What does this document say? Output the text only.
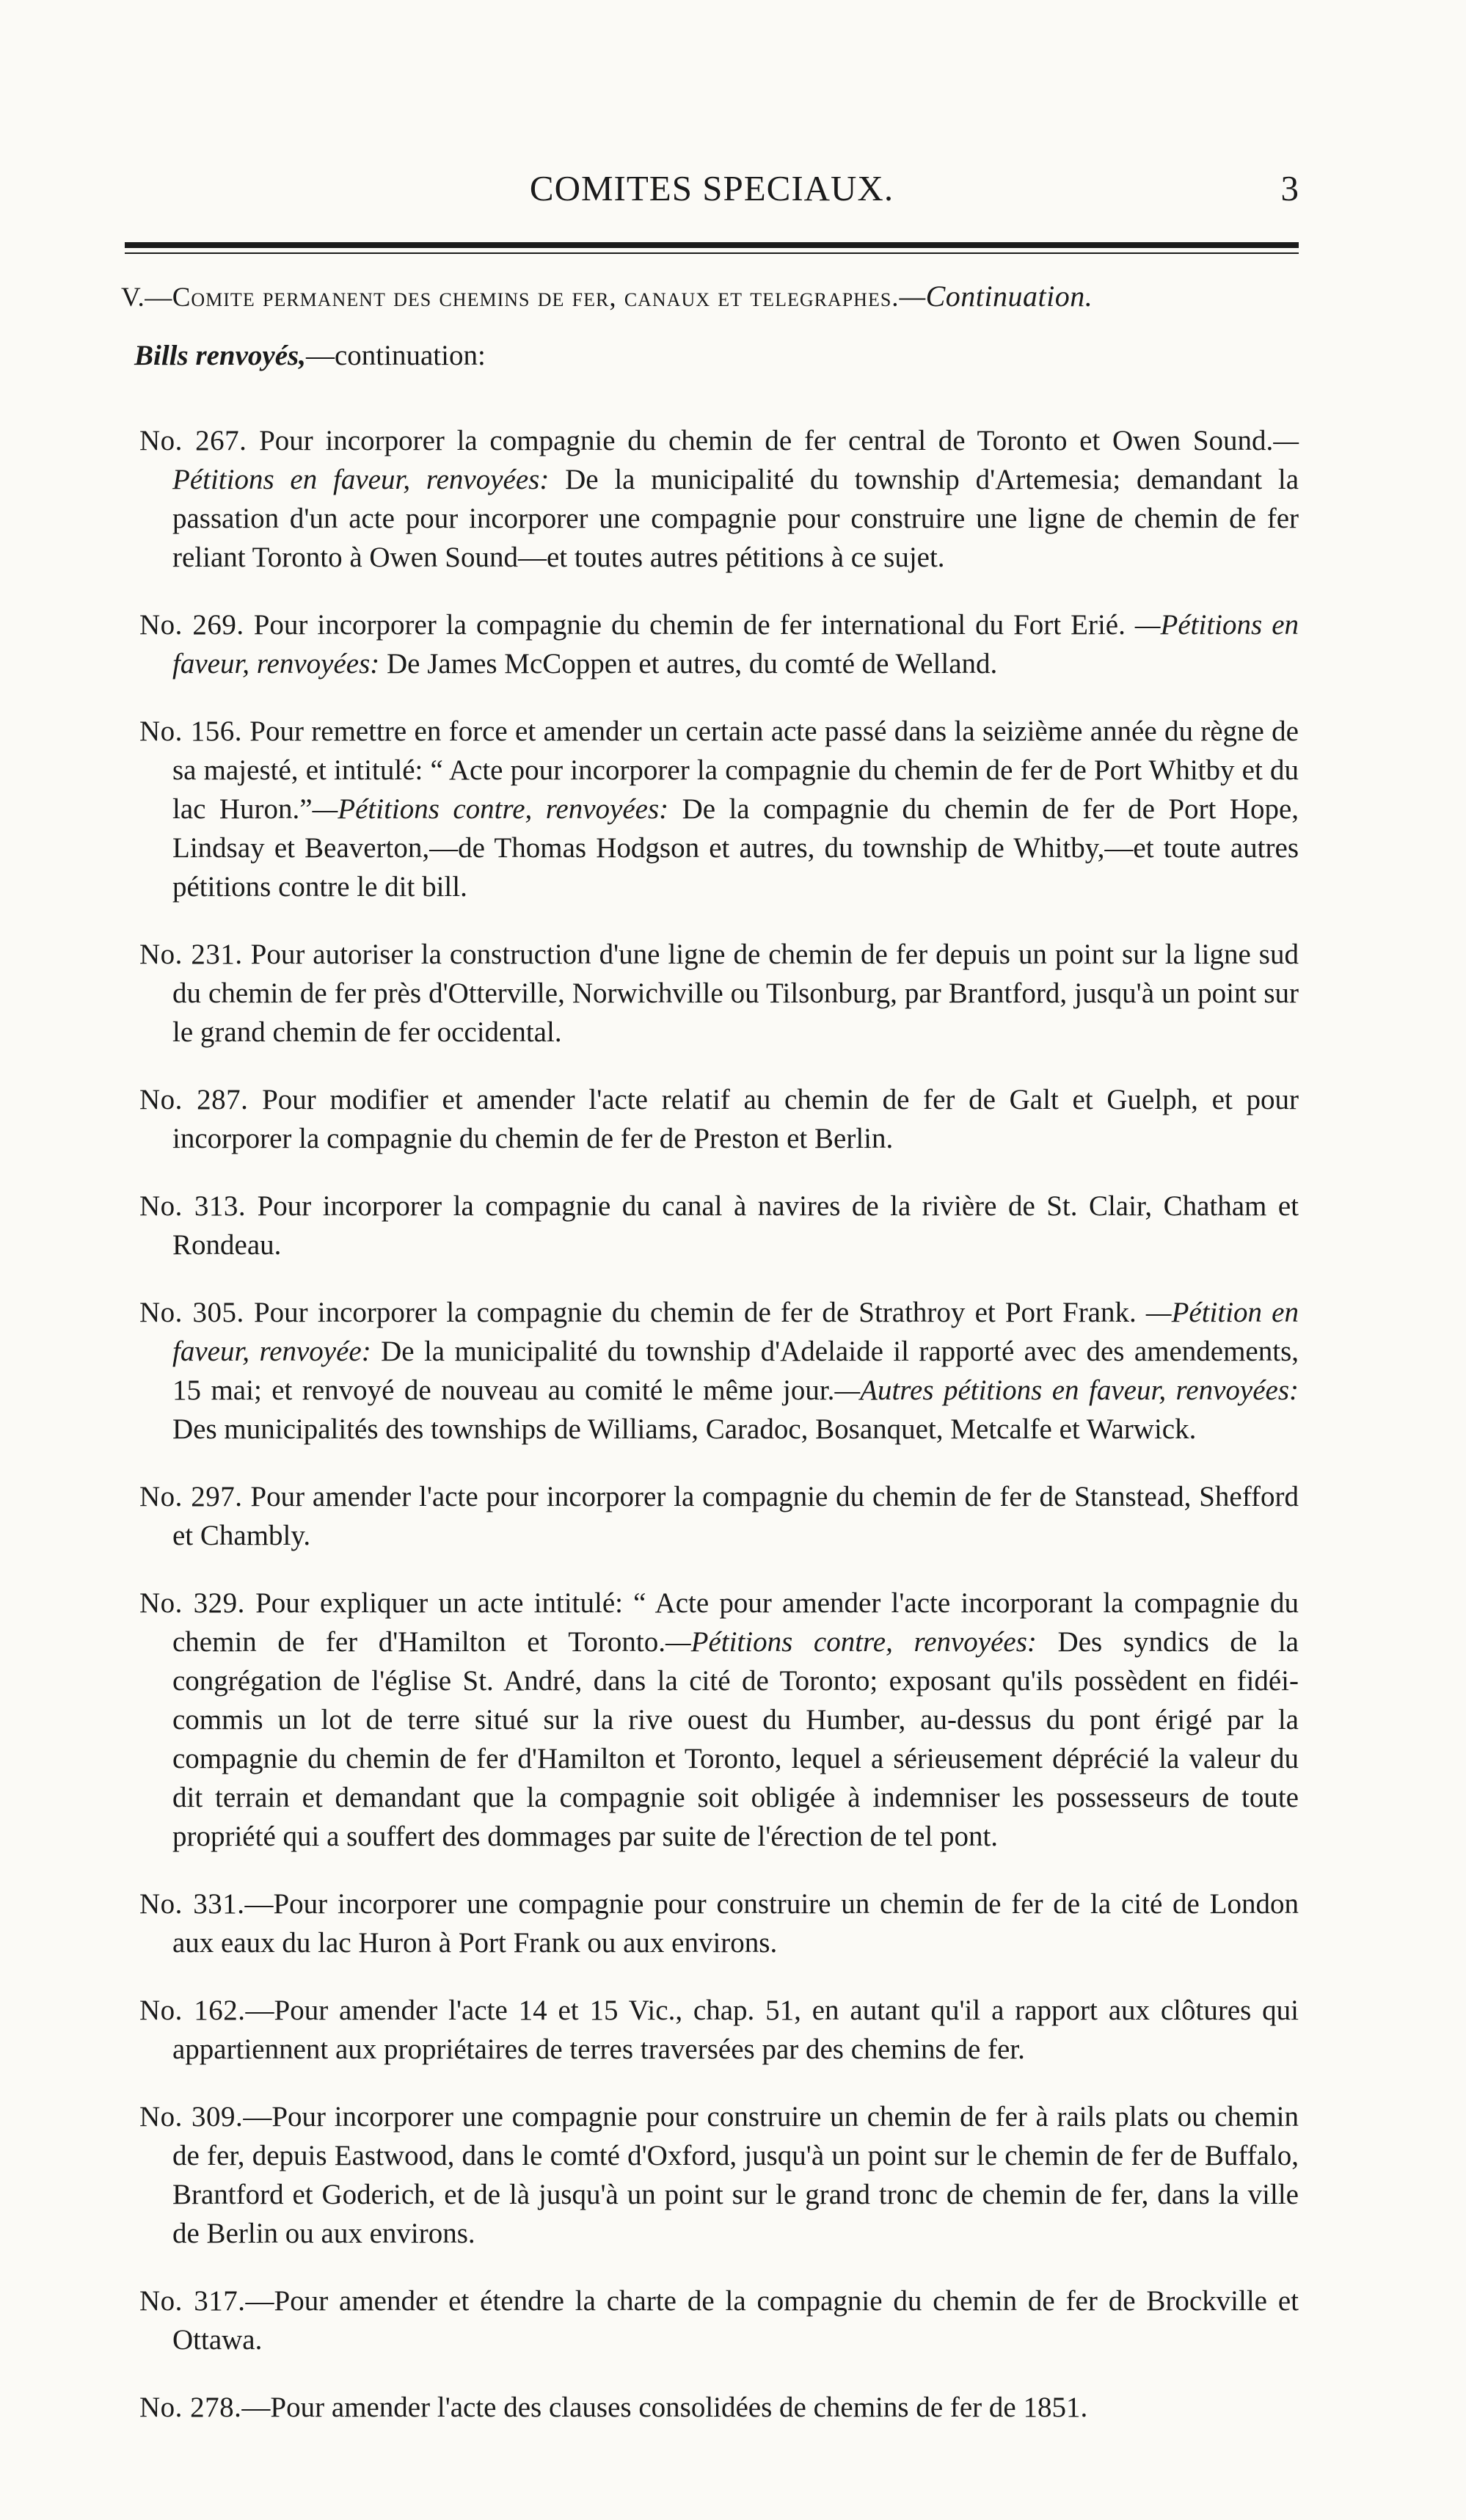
COMITES SPECIAUX.	3
V.—Comite permanent des chemins de fer, canaux et telegraphes.—Continuation.
Bills renvoyés,—continuation:

No. 267. Pour incorporer la compagnie du chemin de fer central de Toronto et Owen Sound.—Pétitions en faveur, renvoyées: De la municipalité du township d'Artemesia; demandant la passation d'un acte pour incorporer une compagnie pour construire une ligne de chemin de fer reliant Toronto à Owen Sound—et toutes autres pétitions à ce sujet.

No. 269. Pour incorporer la compagnie du chemin de fer international du Fort Erié. —Pétitions en faveur, renvoyées: De James McCoppen et autres, du comté de Welland.

No. 156. Pour remettre en force et amender un certain acte passé dans la seizième année du règne de sa majesté, et intitulé: “ Acte pour incorporer la compagnie du chemin de fer de Port Whitby et du lac Huron.”—Pétitions contre, renvoyées: De la compagnie du chemin de fer de Port Hope, Lindsay et Beaverton,—de Thomas Hodgson et autres, du township de Whitby,—et toute autres pétitions contre le dit bill.

No. 231. Pour autoriser la construction d'une ligne de chemin de fer depuis un point sur la ligne sud du chemin de fer près d'Otterville, Norwichville ou Tilsonburg, par Brantford, jusqu'à un point sur le grand chemin de fer occidental.

No. 287. Pour modifier et amender l'acte relatif au chemin de fer de Galt et Guelph, et pour incorporer la compagnie du chemin de fer de Preston et Berlin.

No. 313. Pour incorporer la compagnie du canal à navires de la rivière de St. Clair, Chatham et Rondeau.

No. 305. Pour incorporer la compagnie du chemin de fer de Strathroy et Port Frank. —Pétition en faveur, renvoyée: De la municipalité du township d'Adelaide il rapporté avec des amendements, 15 mai; et renvoyé de nouveau au comité le même jour.—Autres pétitions en faveur, renvoyées: Des municipalités des townships de Williams, Caradoc, Bosanquet, Metcalfe et Warwick.

No. 297. Pour amender l'acte pour incorporer la compagnie du chemin de fer de Stanstead, Shefford et Chambly.

No. 329. Pour expliquer un acte intitulé: “ Acte pour amender l'acte incorporant la compagnie du chemin de fer d'Hamilton et Toronto.—Pétitions contre, renvoyées: Des syndics de la congrégation de l'église St. André, dans la cité de Toronto; exposant qu'ils possèdent en fidéi-commis un lot de terre situé sur la rive ouest du Humber, au-dessus du pont érigé par la compagnie du chemin de fer d'Hamilton et Toronto, lequel a sérieusement déprécié la valeur du dit terrain et demandant que la compagnie soit obligée à indemniser les possesseurs de toute propriété qui a souffert des dommages par suite de l'érection de tel pont.

No. 331.—Pour incorporer une compagnie pour construire un chemin de fer de la cité de London aux eaux du lac Huron à Port Frank ou aux environs.

No. 162.—Pour amender l'acte 14 et 15 Vic., chap. 51, en autant qu'il a rapport aux clôtures qui appartiennent aux propriétaires de terres traversées par des chemins de fer.

No. 309.—Pour incorporer une compagnie pour construire un chemin de fer à rails plats ou chemin de fer, depuis Eastwood, dans le comté d'Oxford, jusqu'à un point sur le chemin de fer de Buffalo, Brantford et Goderich, et de là jusqu'à un point sur le grand tronc de chemin de fer, dans la ville de Berlin ou aux environs.

No. 317.—Pour amender et étendre la charte de la compagnie du chemin de fer de Brockville et Ottawa.

No. 278.—Pour amender l'acte des clauses consolidées de chemins de fer de 1851.
